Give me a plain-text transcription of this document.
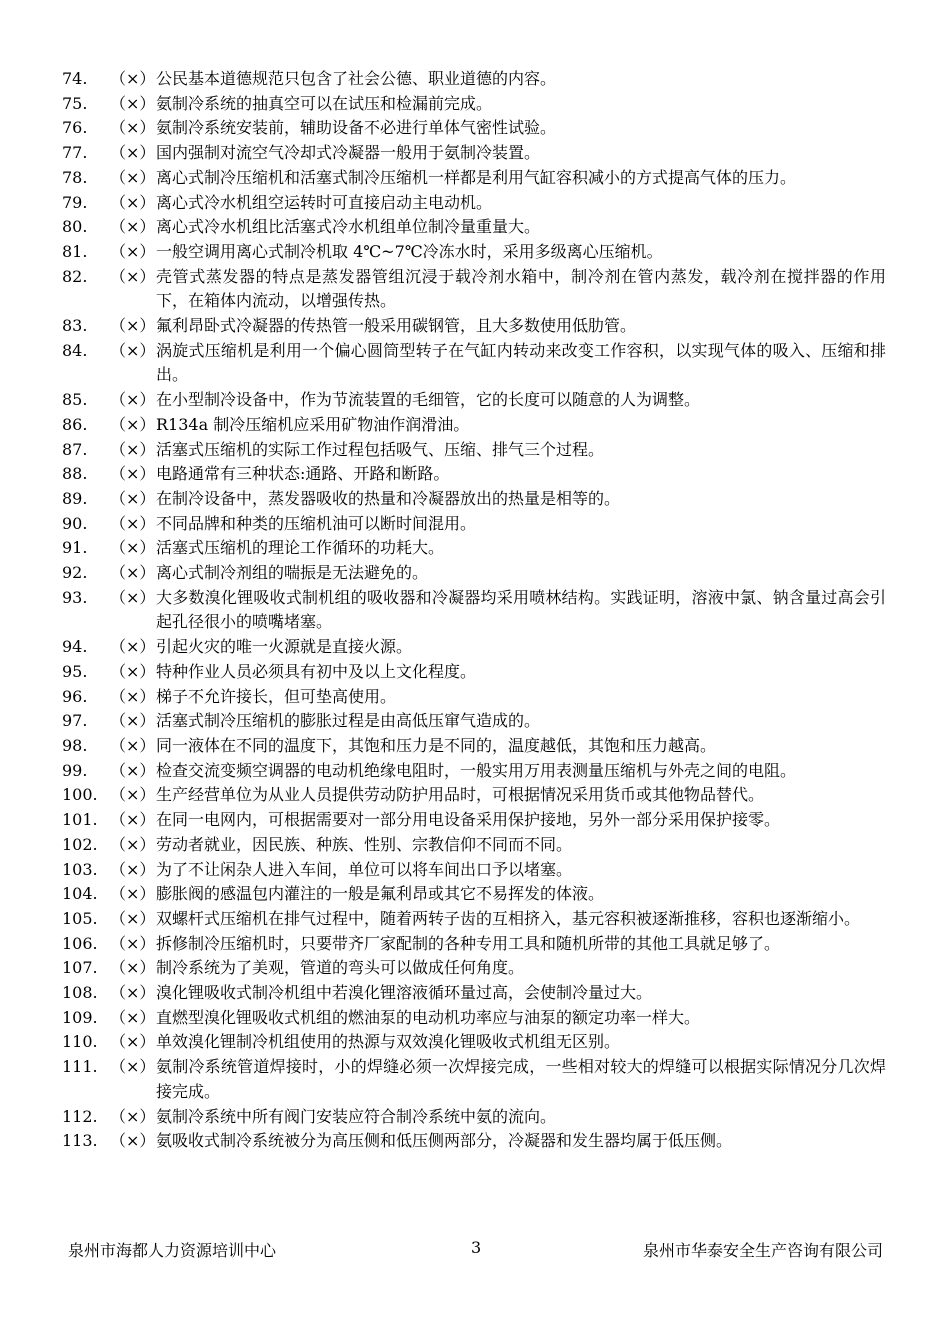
74.	（×） 公民基本道德规范只包含了社会公德、职业道德的内容。
75.	（×） 氨制冷系统的抽真空可以在试压和检漏前完成。
76.	（×） 氨制冷系统安装前，辅助设备不必进行单体气密性试验。
77.	（×） 国内强制对流空气冷却式冷凝器一般用于氨制冷装置。
78.	（×） 离心式制冷压缩机和活塞式制冷压缩机一样都是利用气缸容积减小的方式提高气体的压力。
79.	（×） 离心式冷水机组空运转时可直接启动主电动机。
80.	（×） 离心式冷水机组比活塞式冷水机组单位制冷量重量大。
81.	（×） 一般空调用离心式制冷机取 4℃~7℃冷冻水时，采用多级离心压缩机。
82.	（×） 壳管式蒸发器的特点是蒸发器管组沉浸于载冷剂水箱中，制冷剂在管内蒸发，载冷剂在搅拌器的作用下，在箱体内流动，以增强传热。
83.	（×） 氟利昂卧式冷凝器的传热管一般采用碳钢管，且大多数使用低肋管。
84.	（×） 涡旋式压缩机是利用一个偏心圆筒型转子在气缸内转动来改变工作容积，以实现气体的吸入、压缩和排出。
85.	（×） 在小型制冷设备中，作为节流装置的毛细管，它的长度可以随意的人为调整。
86.	（×） R134a 制冷压缩机应采用矿物油作润滑油。
87.	（×） 活塞式压缩机的实际工作过程包括吸气、压缩、排气三个过程。
88.	（×） 电路通常有三种状态:通路、开路和断路。
89.	（×） 在制冷设备中，蒸发器吸收的热量和冷凝器放出的热量是相等的。
90.	（×） 不同品牌和种类的压缩机油可以断时间混用。
91.	（×） 活塞式压缩机的理论工作循环的功耗大。
92.	（×） 离心式制冷剂组的喘振是无法避免的。
93.	（×） 大多数溴化锂吸收式制机组的吸收器和冷凝器均采用喷林结构。实践证明，溶液中氯、钠含量过高会引起孔径很小的喷嘴堵塞。
94.	（×） 引起火灾的唯一火源就是直接火源。
95.	（×） 特种作业人员必须具有初中及以上文化程度。
96.	（×） 梯子不允许接长，但可垫高使用。
97.	（×） 活塞式制冷压缩机的膨胀过程是由高低压窜气造成的。
98.	（×） 同一液体在不同的温度下，其饱和压力是不同的，温度越低，其饱和压力越高。
99.	（×） 检查交流变频空调器的电动机绝缘电阻时，一般实用万用表测量压缩机与外壳之间的电阻。
100. （×） 生产经营单位为从业人员提供劳动防护用品时，可根据情况采用货币或其他物品替代。
101. （×） 在同一电网内，可根据需要对一部分用电设备采用保护接地，另外一部分采用保护接零。
102. （×） 劳动者就业，因民族、种族、性别、宗教信仰不同而不同。
103. （×） 为了不让闲杂人进入车间，单位可以将车间出口予以堵塞。
104. （×） 膨胀阀的感温包内灌注的一般是氟利昂或其它不易挥发的体液。
105. （×） 双螺杆式压缩机在排气过程中，随着两转子齿的互相挤入，基元容积被逐渐推移，容积也逐渐缩小。
106. （×） 拆修制冷压缩机时，只要带齐厂家配制的各种专用工具和随机所带的其他工具就足够了。
107. （×） 制冷系统为了美观，管道的弯头可以做成任何角度。
108. （×） 溴化锂吸收式制冷机组中若溴化锂溶液循环量过高，会使制冷量过大。
109. （×） 直燃型溴化锂吸收式机组的燃油泵的电动机功率应与油泵的额定功率一样大。
110. （×） 单效溴化锂制冷机组使用的热源与双效溴化锂吸收式机组无区别。
111. （×） 氨制冷系统管道焊接时，小的焊缝必须一次焊接完成，一些相对较大的焊缝可以根据实际情况分几次焊接完成。
112. （×） 氨制冷系统中所有阀门安装应符合制冷系统中氨的流向。
113. （×） 氨吸收式制冷系统被分为高压侧和低压侧两部分，冷凝器和发生器均属于低压侧。
泉州市海都人力资源培训中心	3	泉州市华泰安全生产咨询有限公司
